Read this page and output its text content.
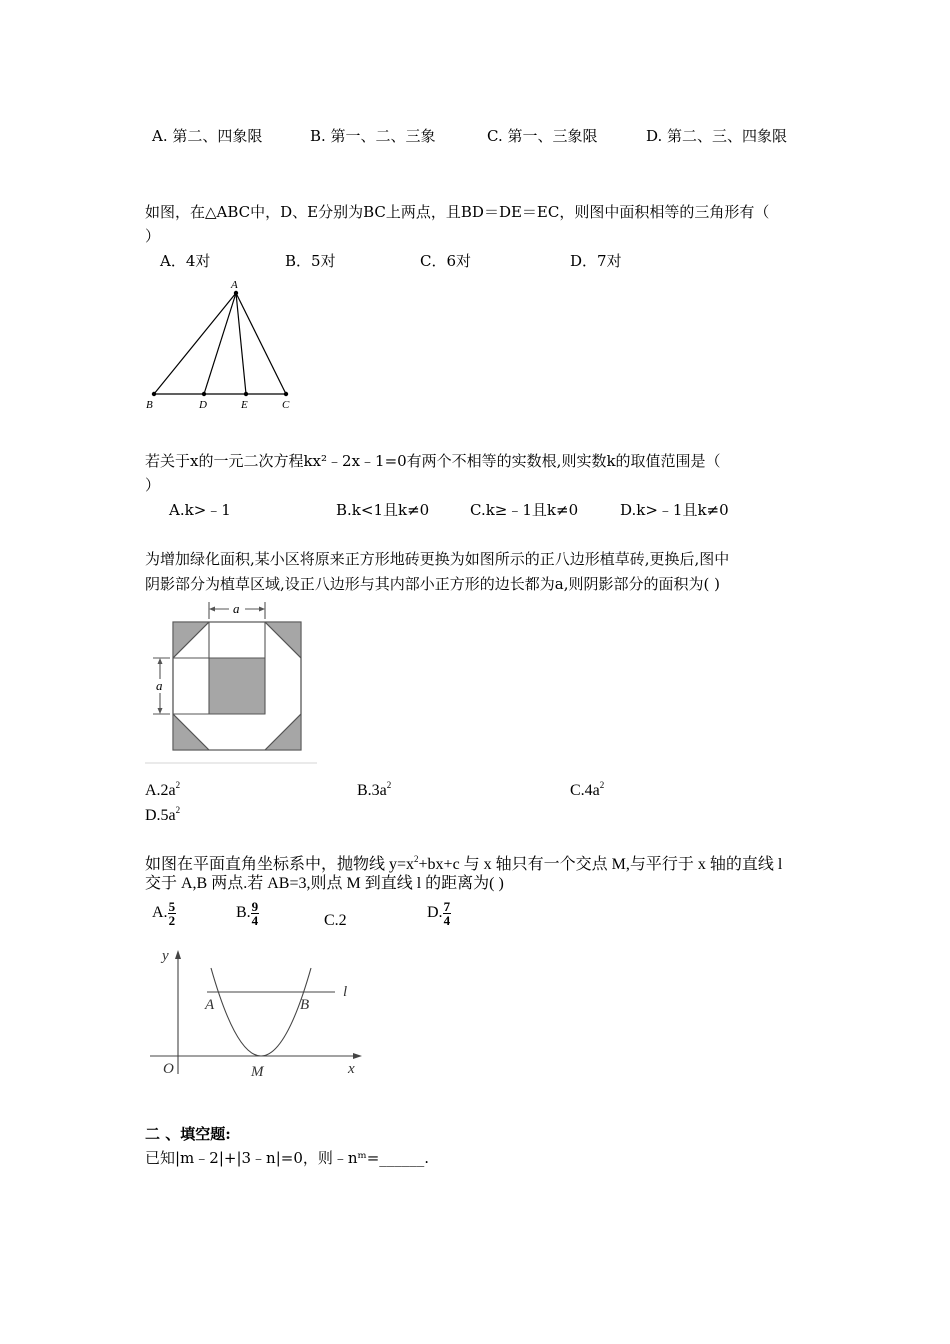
A. 第二、四象限	B. 第一、二、三象	C. 第一、三象限	D. 第二、三、四象限
如图，在△ABC中，D、E分别为BC上两点，且BD＝DE＝EC，则图中面积相等的三角形有（
）
A．4对	B．5对	C．6对	D．7对
A
B	D	E	C
若关于x的一元二次方程kx²﹣2x﹣1=0有两个不相等的实数根,则实数k的取值范围是（
）
A.k>﹣1	B.k<1且k≠0	C.k≥﹣1且k≠0	D.k>﹣1且k≠0
为增加绿化面积,某小区将原来正方形地砖更换为如图所示的正八边形植草砖,更换后,图中
阴影部分为植草区域,设正八边形与其内部小正方形的边长都为a,则阴影部分的面积为( )
a
a
$A.2a^2$	$B.3a^2$	$C.4a^2$
$D.5a^2$
如图在平面直角坐标系中，抛物线 $y=x^2+bx+c$ 与 x 轴只有一个交点 M,与平行于 x 轴的直线 l
交于 A,B 两点.若 AB=3,则点 M 到直线 l 的距离为( )
A. $\frac{5}{2}$	B. $\frac{9}{4}$	C.2	D. $\frac{7}{4}$
y
x
O
A	B
M
l
二 、填空题:
已知|m﹣2|+|3﹣n|=0，则﹣nᵐ=______.
